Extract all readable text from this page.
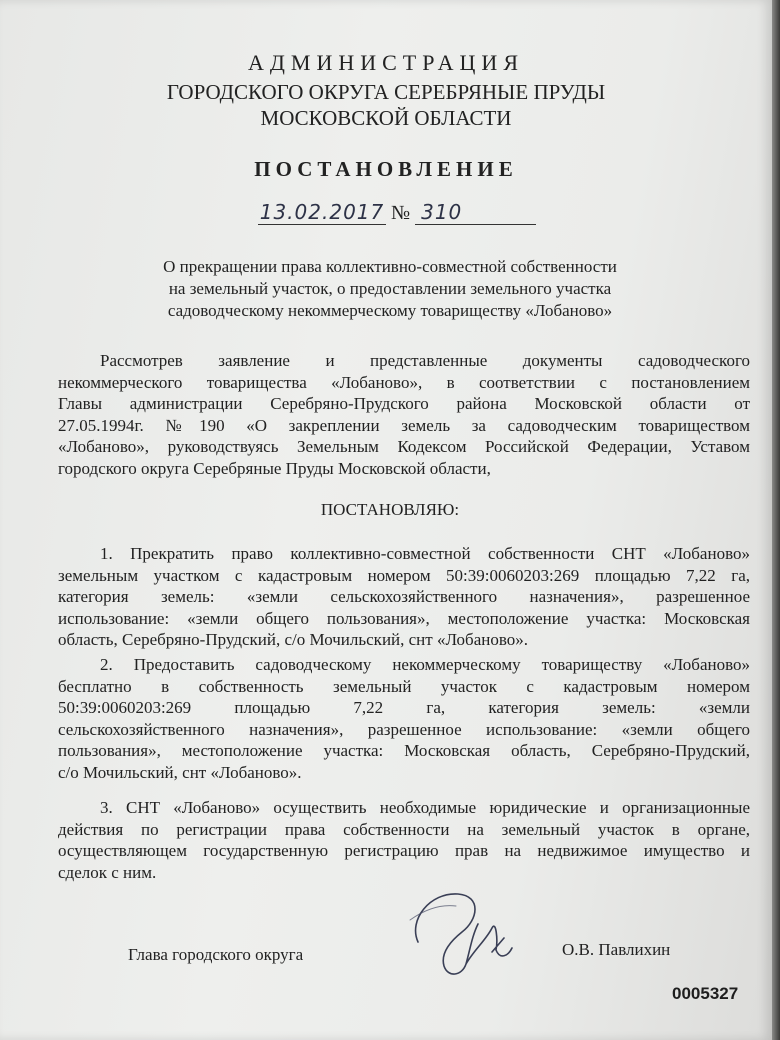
АДМИНИСТРАЦИЯ
ГОРОДСКОГО ОКРУГА СЕРЕБРЯНЫЕ ПРУДЫ
МОСКОВСКОЙ ОБЛАСТИ
ПОСТАНОВЛЕНИЕ
13.02.2017 № 310
О прекращении права коллективно-совместной собственности
на земельный участок, о предоставлении земельного участка
садоводческому некоммерческому товариществу «Лобаново»
Рассмотрев заявление и представленные документы садоводческого
некоммерческого товарищества «Лобаново», в соответствии с постановлением
Главы администрации Серебряно-Прудского района Московской области от
27.05.1994г. №190 «О закреплении земель за садоводческим товариществом
«Лобаново», руководствуясь Земельным Кодексом Российской Федерации, Уставом
городского округа Серебряные Пруды Московской области,
ПОСТАНОВЛЯЮ:
1. Прекратить право коллективно-совместной собственности СНТ «Лобаново»
земельным участком с кадастровым номером 50:39:0060203:269 площадью 7,22 га,
категория земель: «земли сельскохозяйственного назначения», разрешенное
использование: «земли общего пользования», местоположение участка: Московская
область, Серебряно-Прудский, с/о Мочильский, снт «Лобаново».
2. Предоставить садоводческому некоммерческому товариществу «Лобаново»
бесплатно в собственность земельный участок с кадастровым номером
50:39:0060203:269 площадью 7,22 га, категория земель: «земли
сельскохозяйственного назначения», разрешенное использование: «земли общего
пользования», местоположение участка: Московская область, Серебряно-Прудский,
с/о Мочильский, снт «Лобаново».
3. СНТ «Лобаново» осуществить необходимые юридические и организационные
действия по регистрации права собственности на земельный участок в органе,
осуществляющем государственную регистрацию прав на недвижимое имущество и
сделок с ним.
Глава городского округа	О.В. Павлихин
0005327
